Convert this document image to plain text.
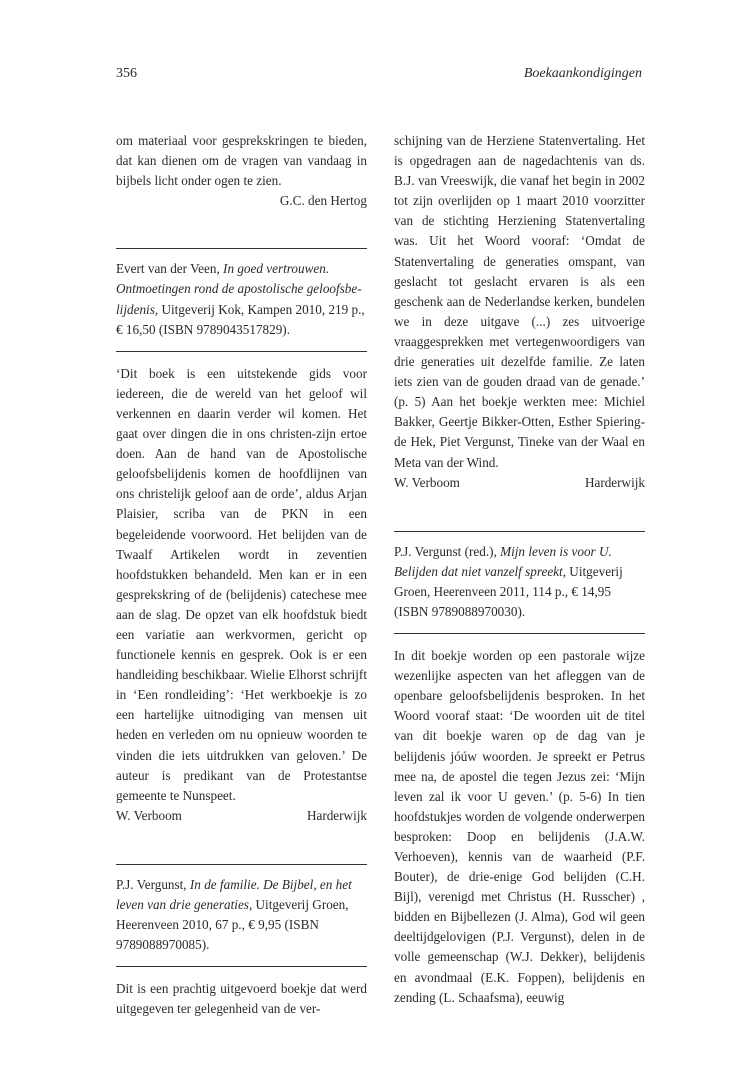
356	Boekaankondigingen

om materiaal voor gesprekskringen te bieden, dat kan dienen om de vragen van vandaag in bijbels licht onder ogen te zien.

G.C. den Hertog

Evert van der Veen, In goed vertrouwen. Ontmoetingen rond de apostolische geloofsbe-lijdenis, Uitgeverij Kok, Kampen 2010, 219 p., € 16,50 (ISBN 9789043517829).

‘Dit boek is een uitstekende gids voor iedereen, die de wereld van het geloof wil verkennen en daarin verder wil komen. Het gaat over dingen die in ons christen-zijn ertoe doen. Aan de hand van de Apostolische geloofsbelijdenis komen de hoofdlijnen van ons christelijk geloof aan de orde’, aldus Arjan Plaisier, scriba van de PKN in een begeleidende voorwoord. Het belijden van de Twaalf Artikelen wordt in zeventien hoofdstukken behandeld. Men kan er in een gesprekskring of de (belijdenis) catechese mee aan de slag. De opzet van elk hoofdstuk biedt een variatie aan werkvormen, gericht op functionele kennis en gesprek. Ook is er een handleiding beschikbaar. Wielie Elhorst schrijft in ‘Een rondleiding’: ‘Het werkboekje is zo een hartelijke uitnodiging van mensen uit heden en verleden om nu opnieuw woorden te vinden die iets uitdrukken van geloven.’ De auteur is predikant van de Protestantse gemeente te Nunspeet.

W. Verboom	Harderwijk

P.J. Vergunst, In de familie. De Bijbel, en het leven van drie generaties, Uitgeverij Groen, Heerenveen 2010, 67 p., € 9,95 (ISBN 9789088970085).

Dit is een prachtig uitgevoerd boekje dat werd uitgegeven ter gelegenheid van de ver-

schijning van de Herziene Statenvertaling. Het is opgedragen aan de nagedachtenis van ds. B.J. van Vreeswijk, die vanaf het begin in 2002 tot zijn overlijden op 1 maart 2010 voorzitter van de stichting Herziening Statenvertaling was. Uit het Woord vooraf: ‘Omdat de Statenvertaling de generaties omspant, van geslacht tot geslacht ervaren is als een geschenk aan de Nederlandse kerken, bundelen we in deze uitgave (...) zes uitvoerige vraaggesprekken met vertegenwoordigers van drie generaties uit dezelfde familie. Ze laten iets zien van de gouden draad van de genade.’ (p. 5) Aan het boekje werkten mee: Michiel Bakker, Geertje Bikker-Otten, Esther Spiering-de Hek, Piet Vergunst, Tineke van der Waal en Meta van der Wind.

W. Verboom	Harderwijk

P.J. Vergunst (red.), Mijn leven is voor U. Belijden dat niet vanzelf spreekt, Uitgeverij Groen, Heerenveen 2011, 114 p., € 14,95 (ISBN 9789088970030).

In dit boekje worden op een pastorale wijze wezenlijke aspecten van het afleggen van de openbare geloofsbelijdenis besproken. In het Woord vooraf staat: ‘De woorden uit de titel van dit boekje waren op de dag van je belijdenis jóúw woorden. Je spreekt er Petrus mee na, de apostel die tegen Jezus zei: ‘Mijn leven zal ik voor U geven.’ (p. 5-6) In tien hoofdstukjes worden de volgende onderwerpen besproken: Doop en belijdenis (J.A.W. Verhoeven), kennis van de waarheid (P.F. Bouter), de drie-enige God belijden (C.H. Bijl), verenigd met Christus (H. Russcher) , bidden en Bijbellezen (J. Alma), God wil geen deeltijdgelovigen (P.J. Vergunst), delen in de volle gemeenschap (W.J. Dekker), belijdenis en avondmaal (E.K. Foppen), belijdenis en zending (L. Schaafsma), eeuwig
